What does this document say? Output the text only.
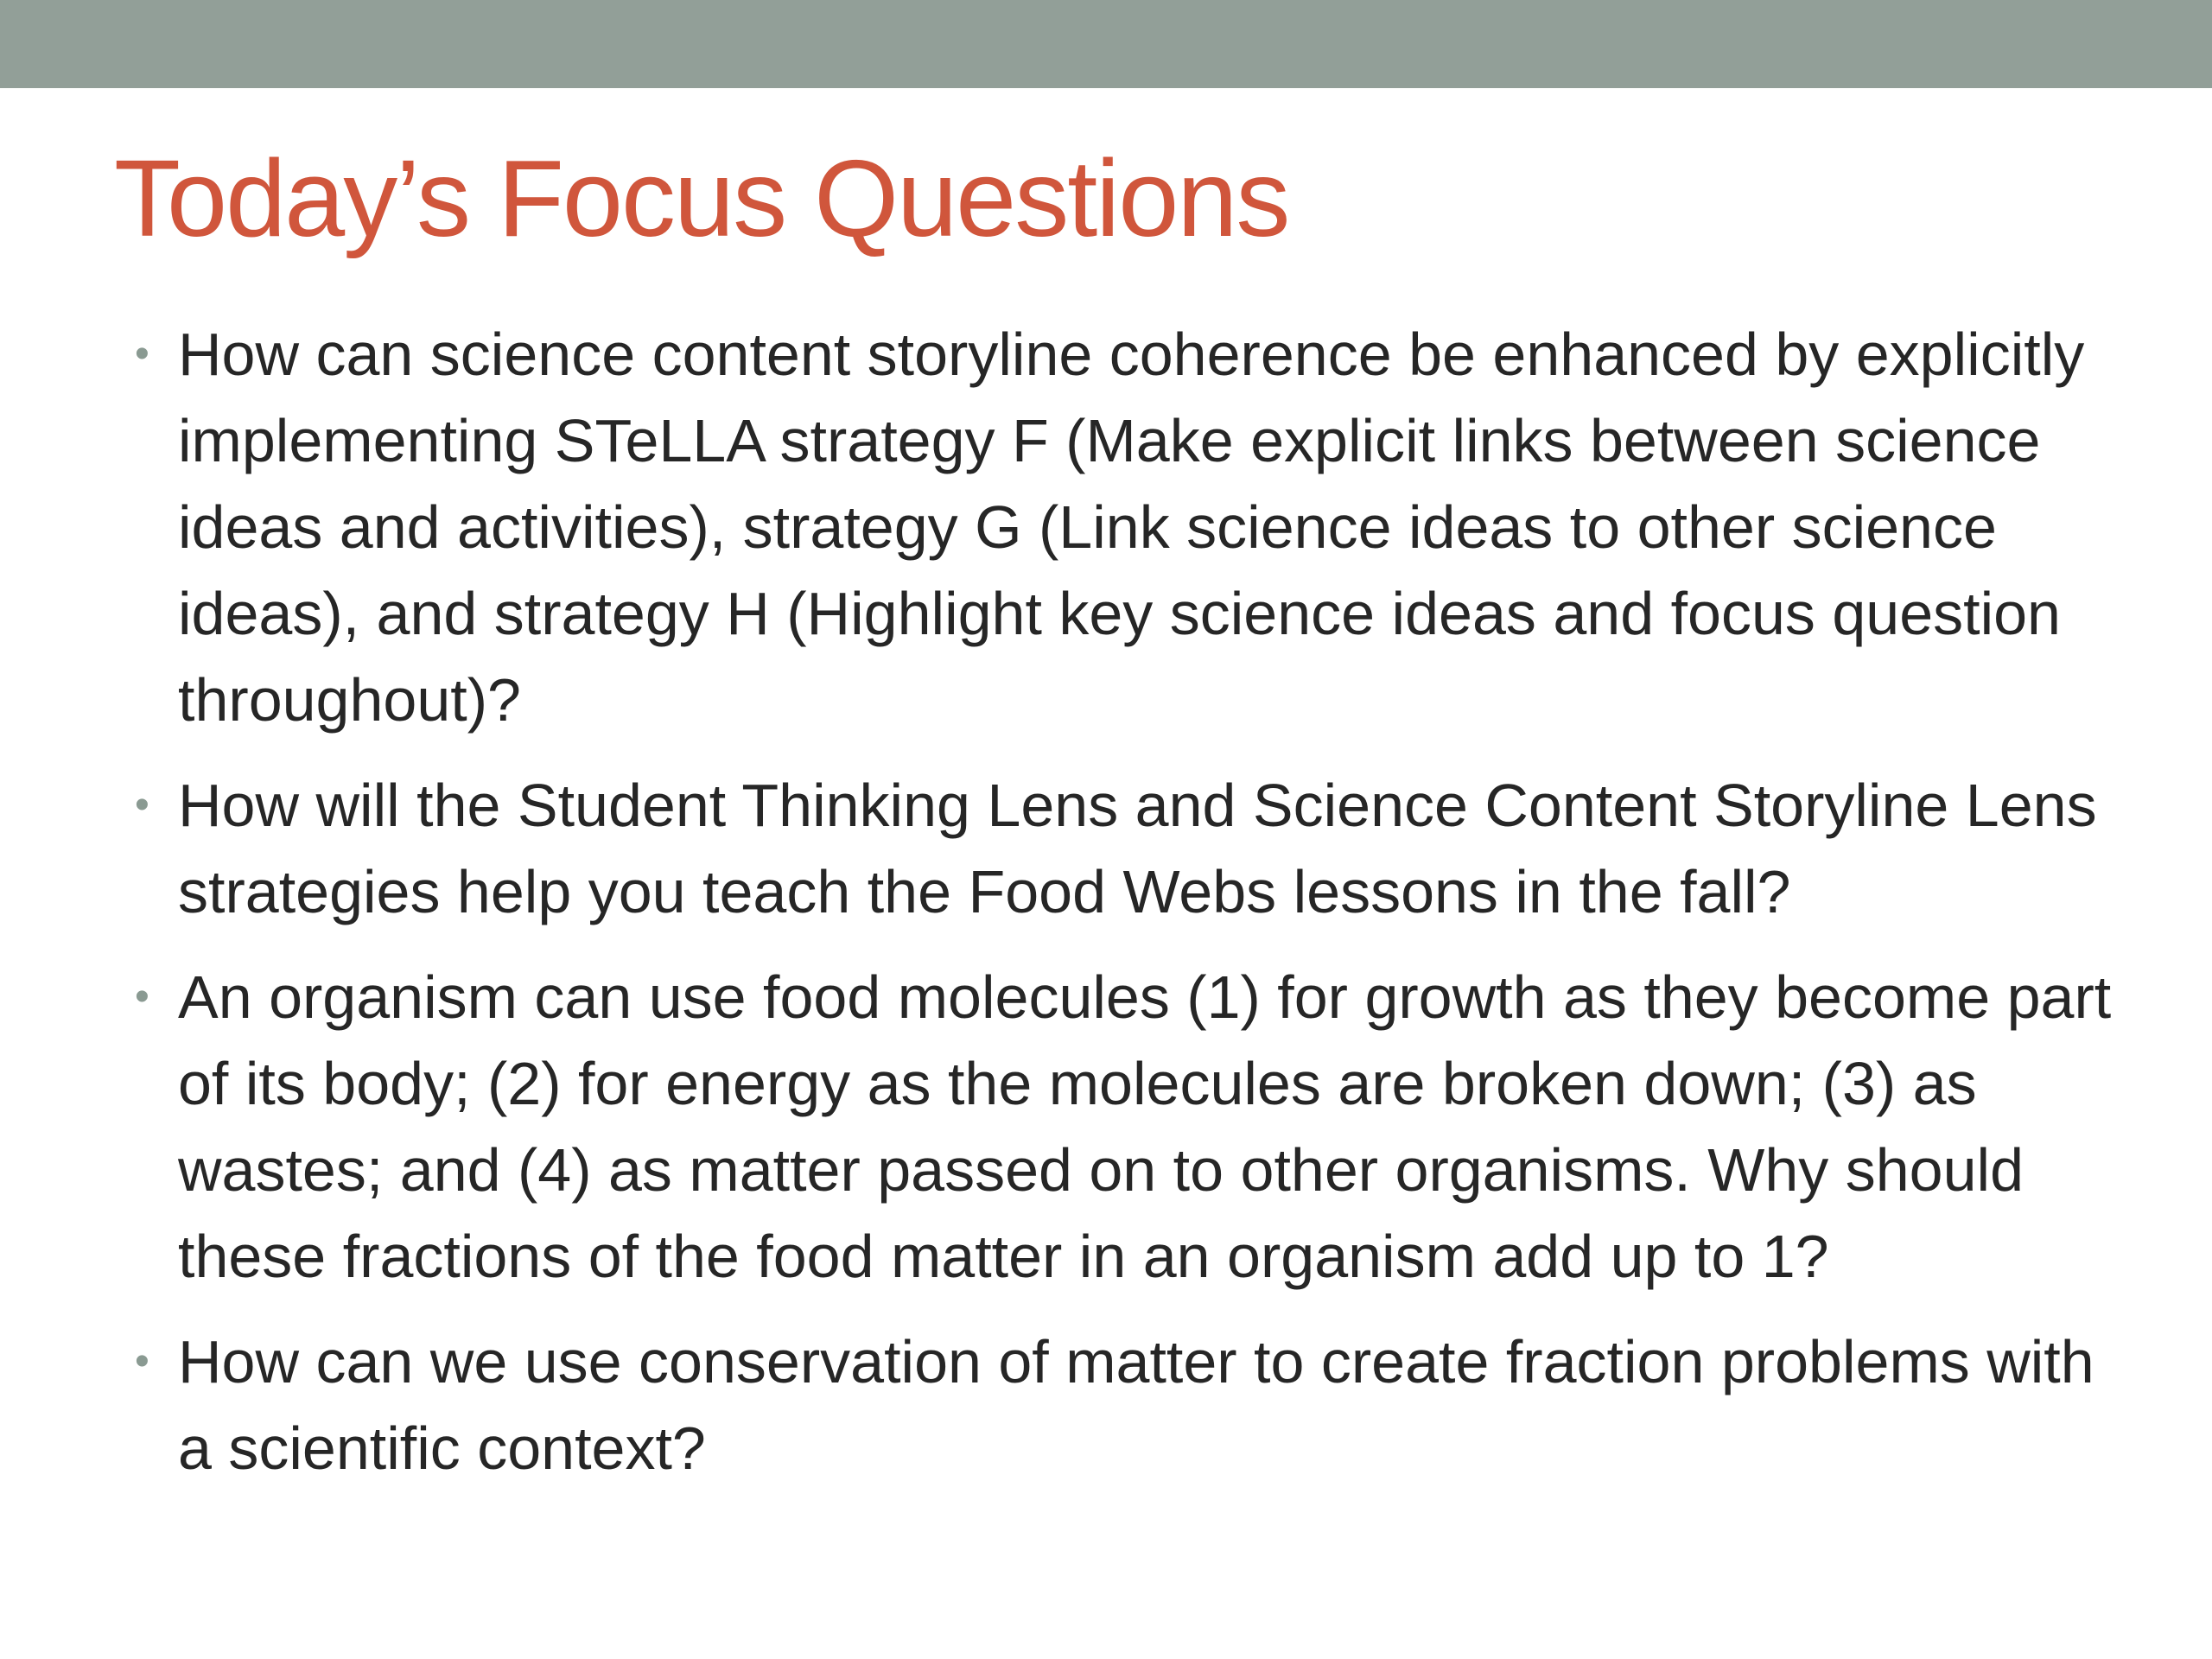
Today’s Focus Questions
• How can science content storyline coherence be enhanced by explicitly implementing STeLLA strategy F (Make explicit links between science ideas and activities), strategy G (Link science ideas to other science ideas), and strategy H (Highlight key science ideas and focus question throughout)?
• How will the Student Thinking Lens and Science Content Storyline Lens strategies help you teach the Food Webs lessons in the fall?
• An organism can use food molecules (1) for growth as they become part of its body; (2) for energy as the molecules are broken down; (3) as wastes; and (4) as matter passed on to other organisms. Why should these fractions of the food matter in an organism add up to 1?
• How can we use conservation of matter to create fraction problems with a scientific context?
